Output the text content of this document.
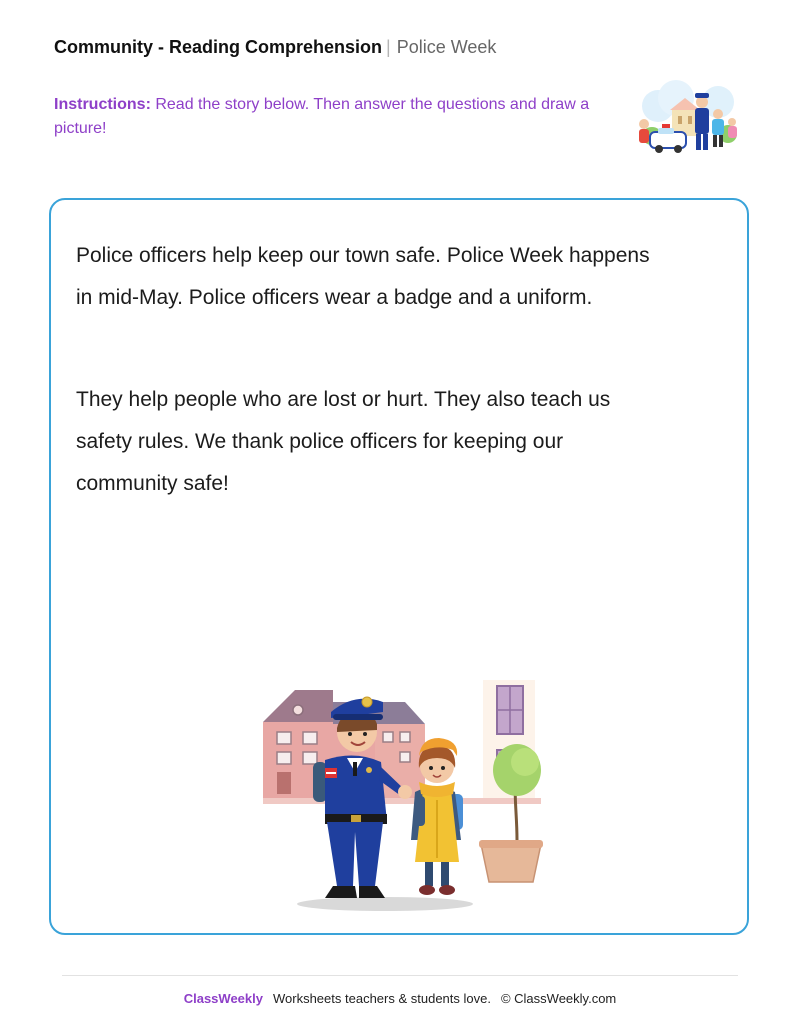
Community - Reading Comprehension | Police Week
Instructions: Read the story below. Then answer the questions and draw a picture!

Police officers help keep our town safe. Police Week happens in mid-May. Police officers wear a badge and a uniform.

They help people who are lost or hurt. They also teach us safety rules. We thank police officers for keeping our community safe!

ClassWeekly Worksheets teachers & students love. © ClassWeekly.com
